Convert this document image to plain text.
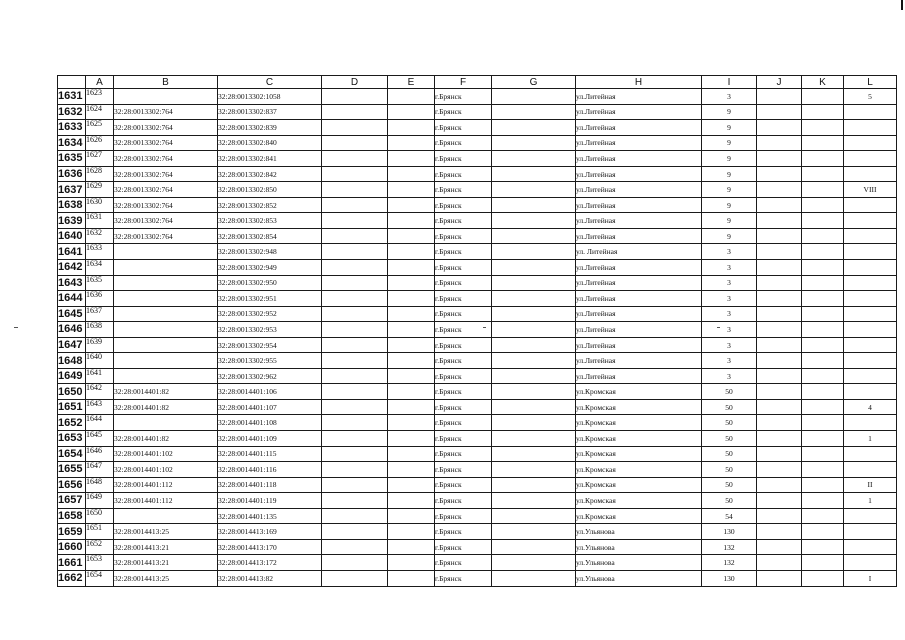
	A	B	C	D	E	F	G	H	I	J	K	L
1631	1623		32:28:0013302:1058			г.Брянск		ул.Литейная	3			5
1632	1624	32:28:0013302:764	32:28:0013302:837			г.Брянск		ул.Литейная	9			
1633	1625	32:28:0013302:764	32:28:0013302:839			г.Брянск		ул.Литейная	9			
1634	1626	32:28:0013302:764	32:28:0013302:840			г.Брянск		ул.Литейная	9			
1635	1627	32:28:0013302:764	32:28:0013302:841			г.Брянск		ул.Литейная	9			
1636	1628	32:28:0013302:764	32:28:0013302:842			г.Брянск		ул.Литейная	9			
1637	1629	32:28:0013302:764	32:28:0013302:850			г.Брянск		ул.Литейная	9			VIII
1638	1630	32:28:0013302:764	32:28:0013302:852			г.Брянск		ул.Литейная	9			
1639	1631	32:28:0013302:764	32:28:0013302:853			г.Брянск		ул.Литейная	9			
1640	1632	32:28:0013302:764	32:28:0013302:854			г.Брянск		ул.Литейная	9			
1641	1633		32:28:0013302:948			г.Брянск		ул. Литейная	3			
1642	1634		32:28:0013302:949			г.Брянск		ул.Литейная	3			
1643	1635		32:28:0013302:950			г.Брянск		ул.Литейная	3			
1644	1636		32:28:0013302:951			г.Брянск		ул.Литейная	3			
1645	1637		32:28:0013302:952			г.Брянск		ул.Литейная	3			
1646	1638		32:28:0013302:953			г.Брянск		ул.Литейная	3			
1647	1639		32:28:0013302:954			г.Брянск		ул.Литейная	3			
1648	1640		32:28:0013302:955			г.Брянск		ул.Литейная	3			
1649	1641		32:28:0013302:962			г.Брянск		ул.Литейная	3			
1650	1642	32:28:0014401:82	32:28:0014401:106			г.Брянск		ул.Кромская	50			
1651	1643	32:28:0014401:82	32:28:0014401:107			г.Брянск		ул.Кромская	50			4
1652	1644		32:28:0014401:108			г.Брянск		ул.Кромская	50			
1653	1645	32:28:0014401:82	32:28:0014401:109			г.Брянск		ул.Кромская	50			1
1654	1646	32:28:0014401:102	32:28:0014401:115			г.Брянск		ул.Кромская	50			
1655	1647	32:28:0014401:102	32:28:0014401:116			г.Брянск		ул.Кромская	50			
1656	1648	32:28:0014401:112	32:28:0014401:118			г.Брянск		ул.Кромская	50			II
1657	1649	32:28:0014401:112	32:28:0014401:119			г.Брянск		ул.Кромская	50			1
1658	1650		32:28:0014401:135			г.Брянск		ул.Кромская	54			
1659	1651	32:28:0014413:25	32:28:0014413:169			г.Брянск		ул.Ульянова	130			
1660	1652	32:28:0014413:21	32:28:0014413:170			г.Брянск		ул.Ульянова	132			
1661	1653	32:28:0014413:21	32:28:0014413:172			г.Брянск		ул.Ульянова	132			
1662	1654	32:28:0014413:25	32:28:0014413:82			г.Брянск		ул.Ульянова	130			I
